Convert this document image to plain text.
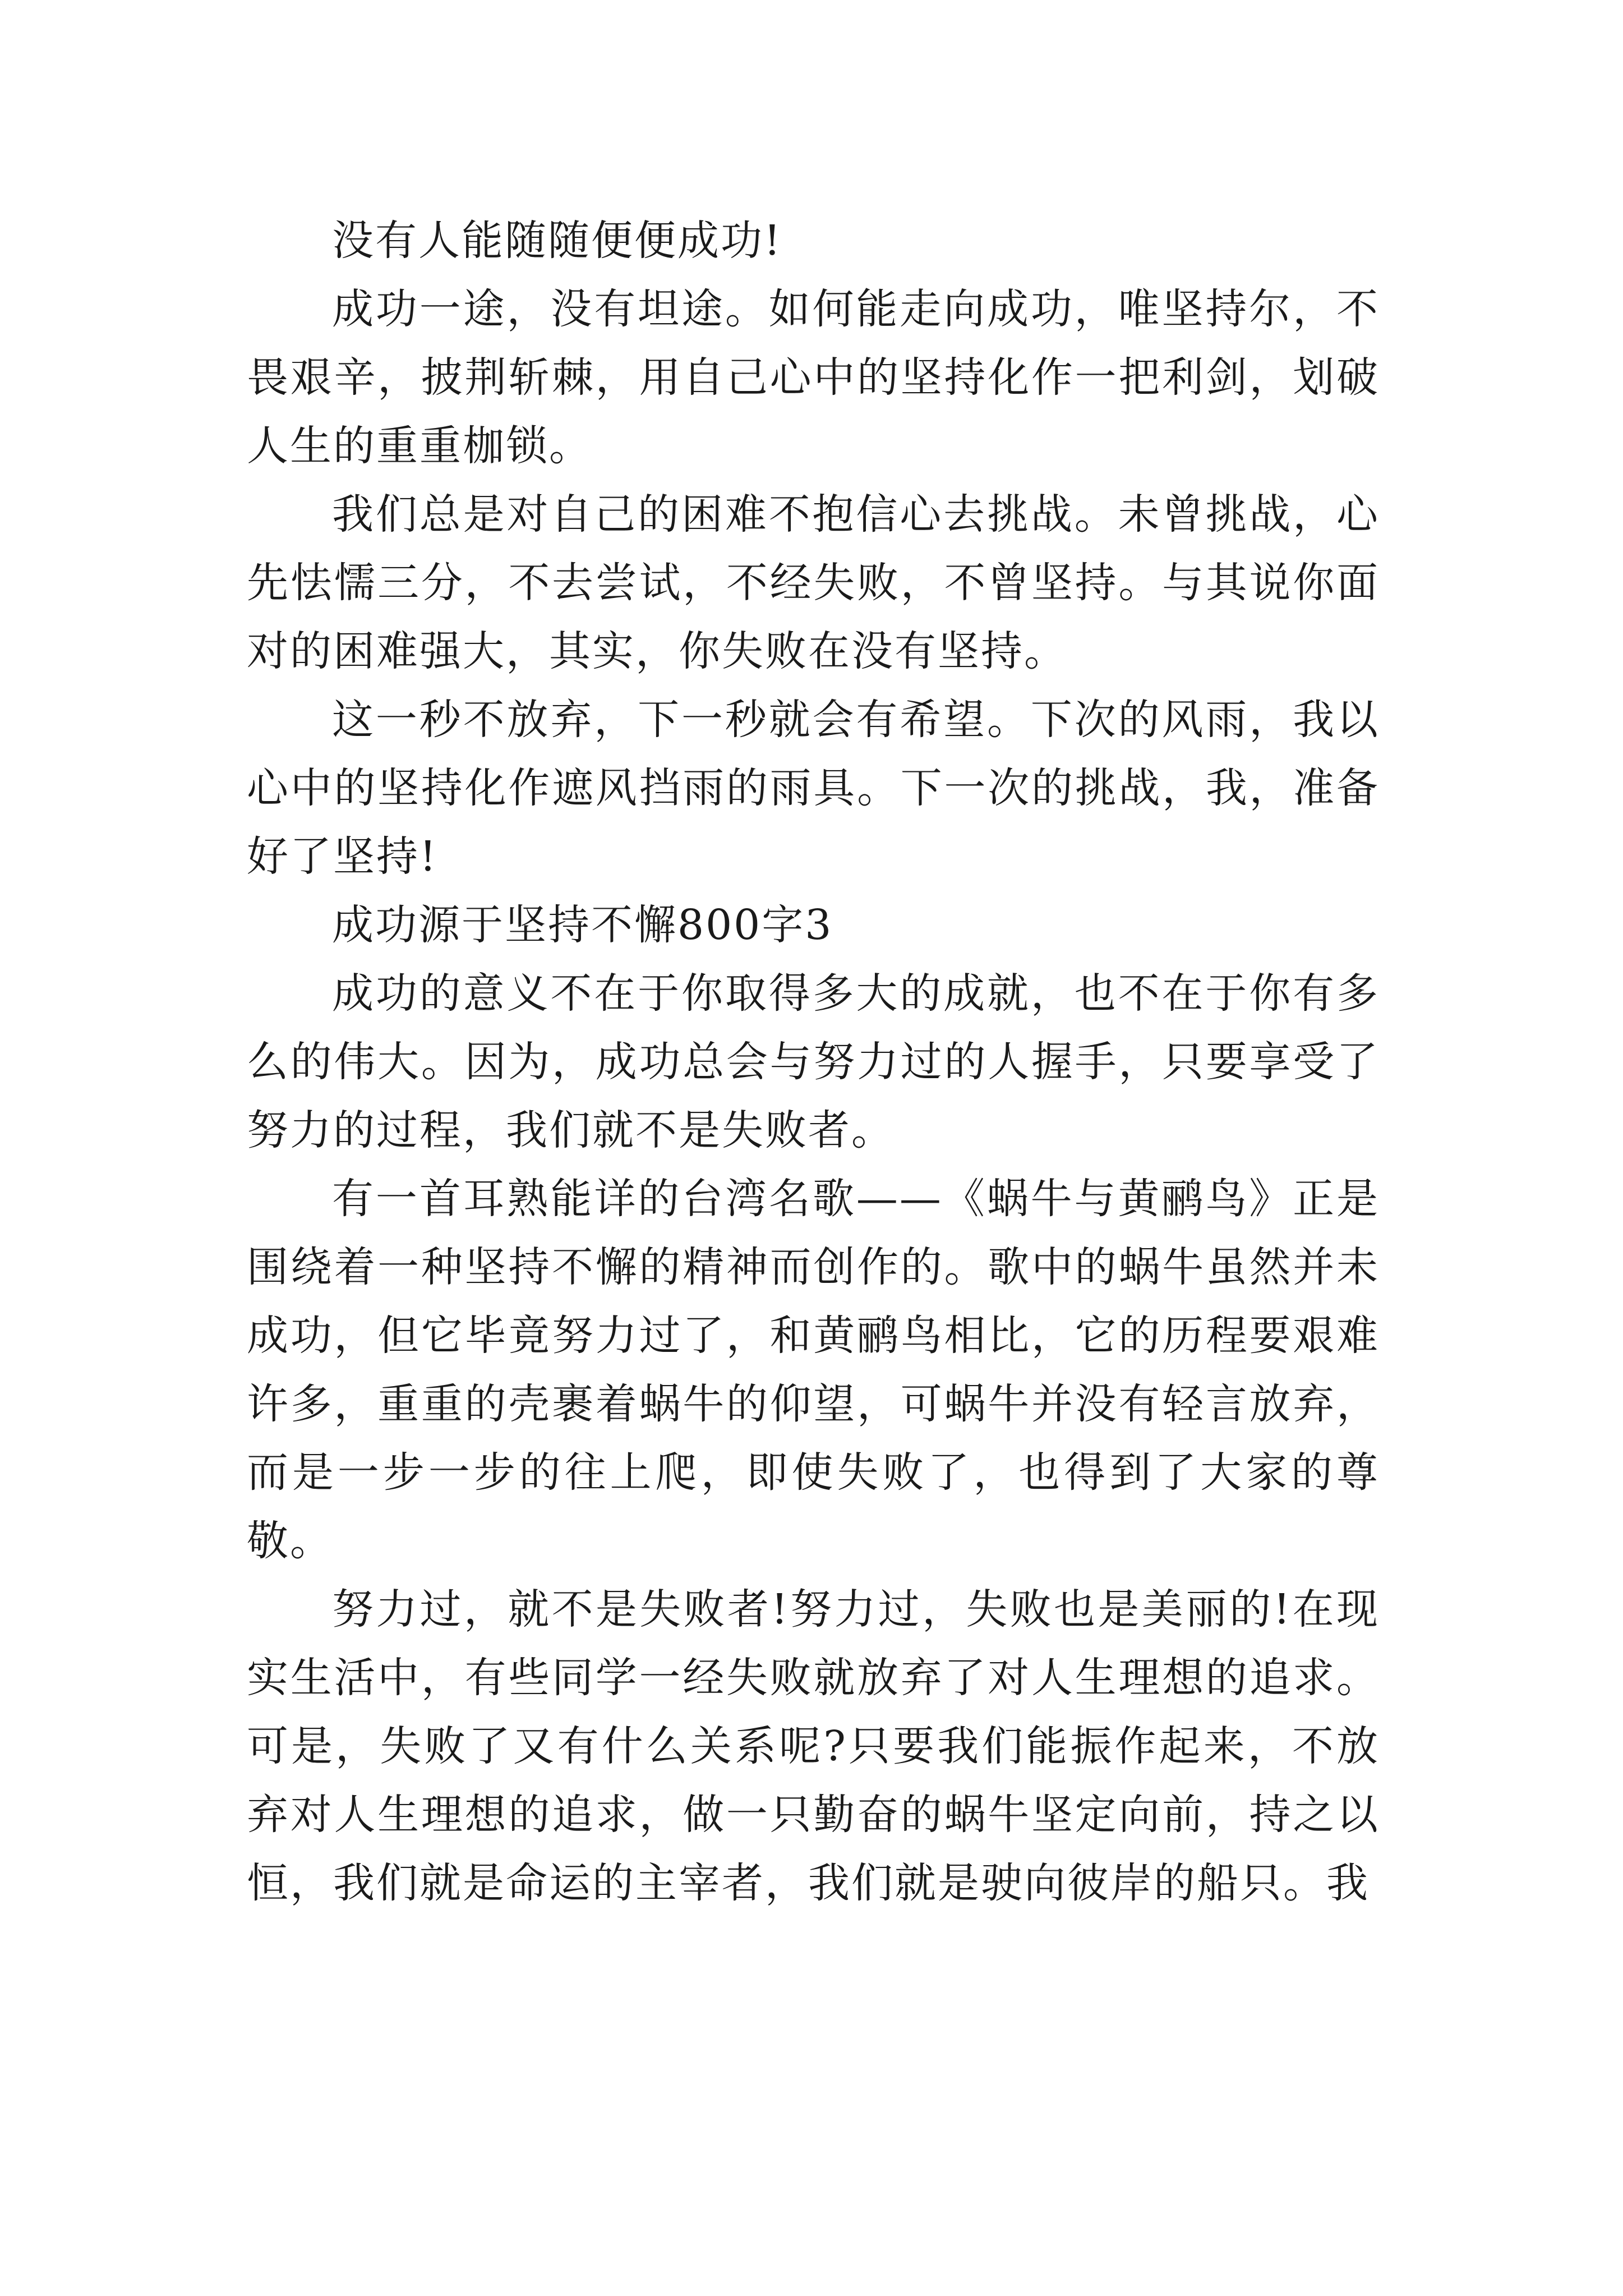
没有人能随随便便成功!

成功一途，没有坦途。如何能走向成功，唯坚持尔，不畏艰辛，披荆斩棘，用自己心中的坚持化作一把利剑，划破人生的重重枷锁。

我们总是对自己的困难不抱信心去挑战。未曾挑战，心先怯懦三分，不去尝试，不经失败，不曾坚持。与其说你面对的困难强大，其实，你失败在没有坚持。

这一秒不放弃，下一秒就会有希望。下次的风雨，我以心中的坚持化作遮风挡雨的雨具。下一次的挑战，我，准备好了坚持!

成功源于坚持不懈800字3

成功的意义不在于你取得多大的成就，也不在于你有多么的伟大。因为，成功总会与努力过的人握手，只要享受了努力的过程，我们就不是失败者。

有一首耳熟能详的台湾名歌——《蜗牛与黄鹂鸟》正是围绕着一种坚持不懈的精神而创作的。歌中的蜗牛虽然并未成功，但它毕竟努力过了，和黄鹂鸟相比，它的历程要艰难许多，重重的壳裹着蜗牛的仰望，可蜗牛并没有轻言放弃，而是一步一步的往上爬，即使失败了，也得到了大家的尊敬。

努力过，就不是失败者!努力过，失败也是美丽的!在现实生活中，有些同学一经失败就放弃了对人生理想的追求。可是，失败了又有什么关系呢?只要我们能振作起来，不放弃对人生理想的追求，做一只勤奋的蜗牛坚定向前，持之以恒，我们就是命运的主宰者，我们就是驶向彼岸的船只。我
